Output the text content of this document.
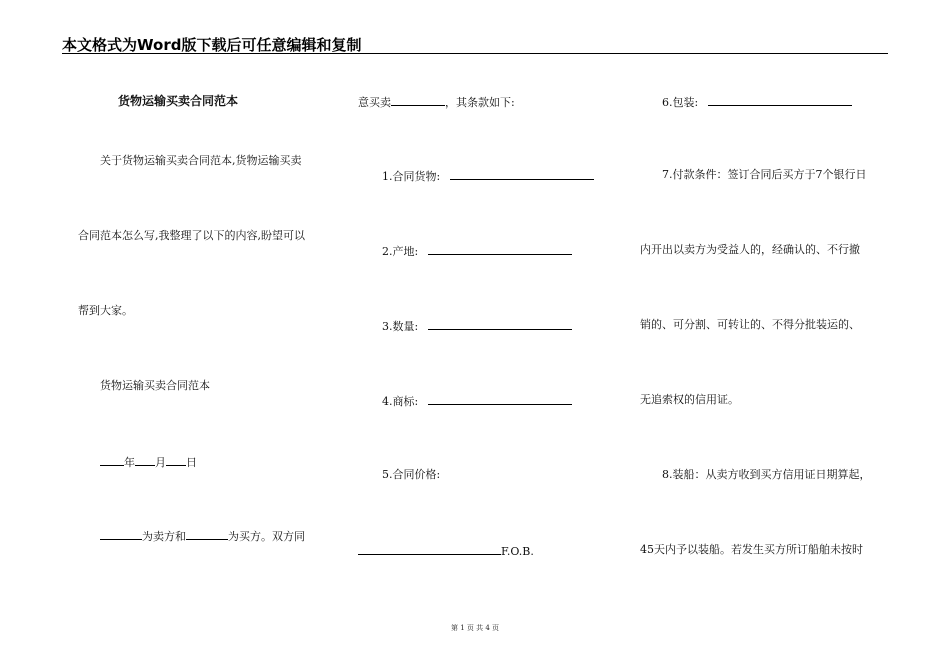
本文格式为Word版下载后可任意编辑和复制
货物运输买卖合同范本
关于货物运输买卖合同范本,货物运输买卖
合同范本怎么写,我整理了以下的内容,盼望可以
帮到大家。
货物运输买卖合同范本
年 月 日
为卖方和	为买方。双方同
意买卖	，其条款如下:
1.合同货物:
2.产地:
3.数量:
4.商标:
5.合同价格:
F.O.B.
6.包装:
7.付款条件：签订合同后买方于7个银行日
内开出以卖方为受益人的，经确认的、不行撤
销的、可分割、可转让的、不得分批装运的、
无追索权的信用证。
8.装船：从卖方收到买方信用证日期算起，
45天内予以装船。若发生买方所订船舶未按时
第 1 页 共 4 页
